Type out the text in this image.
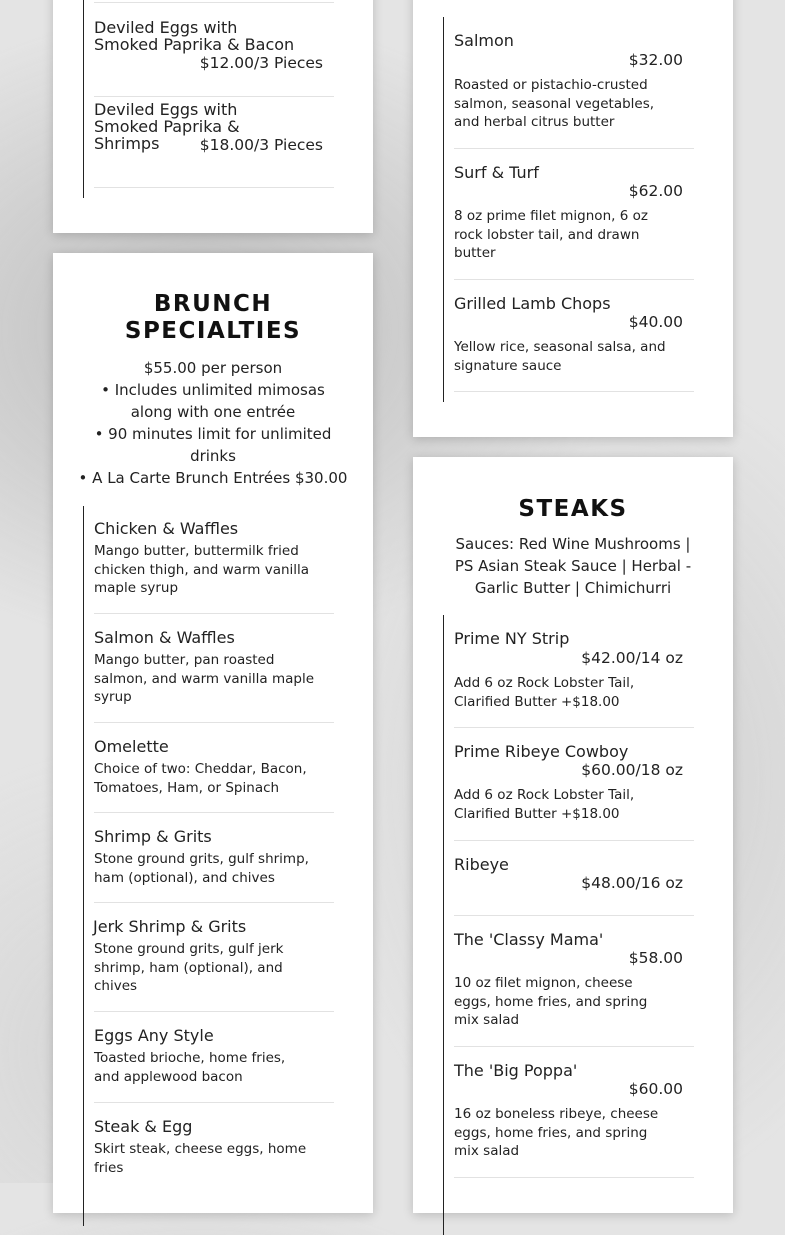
Deviled Eggs with Smoked Paprika & Bacon
$12.00/3 Pieces
Deviled Eggs with Smoked Paprika & Shrimps	$18.00/3 Pieces
BRUNCH SPECIALTIES
$55.00 per person
• Includes unlimited mimosas along with one entrée
• 90 minutes limit for unlimited drinks
• A La Carte Brunch Entrées $30.00
Chicken & Waffles
Mango butter, buttermilk fried chicken thigh, and warm vanilla maple syrup
Salmon & Waffles
Mango butter, pan roasted salmon, and warm vanilla maple syrup
Omelette
Choice of two: Cheddar, Bacon, Tomatoes, Ham, or Spinach
Shrimp & Grits
Stone ground grits, gulf shrimp, ham (optional), and chives
Jerk Shrimp & Grits
Stone ground grits, gulf jerk shrimp, ham (optional), and chives
Eggs Any Style
Toasted brioche, home fries, and applewood bacon
Steak & Egg
Skirt steak, cheese eggs, home fries
Salmon
$32.00
Roasted or pistachio-crusted salmon, seasonal vegetables, and herbal citrus butter
Surf & Turf
$62.00
8 oz prime filet mignon, 6 oz rock lobster tail, and drawn butter
Grilled Lamb Chops
$40.00
Yellow rice, seasonal salsa, and signature sauce
STEAKS
Sauces: Red Wine Mushrooms | PS Asian Steak Sauce | Herbal - Garlic Butter | Chimichurri
Prime NY Strip
$42.00/14 oz
Add 6 oz Rock Lobster Tail, Clarified Butter +$18.00
Prime Ribeye Cowboy
$60.00/18 oz
Add 6 oz Rock Lobster Tail, Clarified Butter +$18.00
Ribeye
$48.00/16 oz
The 'Classy Mama'
$58.00
10 oz filet mignon, cheese eggs, home fries, and spring mix salad
The 'Big Poppa'
$60.00
16 oz boneless ribeye, cheese eggs, home fries, and spring mix salad
